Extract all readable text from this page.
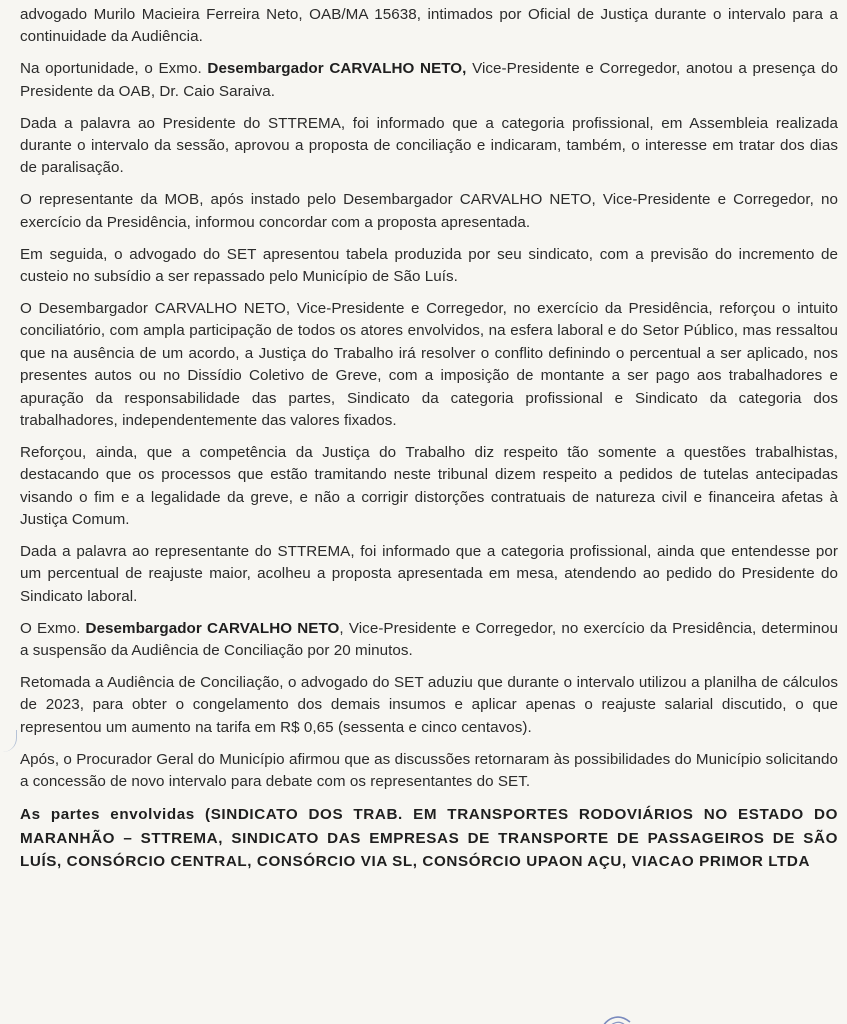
advogado Murilo Macieira Ferreira Neto, OAB/MA 15638, intimados por Oficial de Justiça durante o intervalo para a continuidade da Audiência.

Na oportunidade, o Exmo. Desembargador CARVALHO NETO, Vice-Presidente e Corregedor, anotou a presença do Presidente da OAB, Dr. Caio Saraiva.

Dada a palavra ao Presidente do STTREMA, foi informado que a categoria profissional, em Assembleia realizada durante o intervalo da sessão, aprovou a proposta de conciliação e indicaram, também, o interesse em tratar dos dias de paralisação.

O representante da MOB, após instado pelo Desembargador CARVALHO NETO, Vice-Presidente e Corregedor, no exercício da Presidência, informou concordar com a proposta apresentada.

Em seguida, o advogado do SET apresentou tabela produzida por seu sindicato, com a previsão do incremento de custeio no subsídio a ser repassado pelo Município de São Luís.

O Desembargador CARVALHO NETO, Vice-Presidente e Corregedor, no exercício da Presidência, reforçou o intuito conciliatório, com ampla participação de todos os atores envolvidos, na esfera laboral e do Setor Público, mas ressaltou que na ausência de um acordo, a Justiça do Trabalho irá resolver o conflito definindo o percentual a ser aplicado, nos presentes autos ou no Dissídio Coletivo de Greve, com a imposição de montante a ser pago aos trabalhadores e apuração da responsabilidade das partes, Sindicato da categoria profissional e Sindicato da categoria dos trabalhadores, independentemente das valores fixados.

Reforçou, ainda, que a competência da Justiça do Trabalho diz respeito tão somente a questões trabalhistas, destacando que os processos que estão tramitando neste tribunal dizem respeito a pedidos de tutelas antecipadas visando o fim e a legalidade da greve, e não a corrigir distorções contratuais de natureza civil e financeira afetas à Justiça Comum.

Dada a palavra ao representante do STTREMA, foi informado que a categoria profissional, ainda que entendesse por um percentual de reajuste maior, acolheu a proposta apresentada em mesa, atendendo ao pedido do Presidente do Sindicato laboral.

O Exmo. Desembargador CARVALHO NETO, Vice-Presidente e Corregedor, no exercício da Presidência, determinou a suspensão da Audiência de Conciliação por 20 minutos.

Retomada a Audiência de Conciliação, o advogado do SET aduziu que durante o intervalo utilizou a planilha de cálculos de 2023, para obter o congelamento dos demais insumos e aplicar apenas o reajuste salarial discutido, o que representou um aumento na tarifa em R$ 0,65 (sessenta e cinco centavos).

Após, o Procurador Geral do Município afirmou que as discussões retornaram às possibilidades do Município solicitando a concessão de novo intervalo para debate com os representantes do SET.

As partes envolvidas (SINDICATO DOS TRAB. EM TRANSPORTES RODOVIÁRIOS NO ESTADO DO MARANHÃO – STTREMA, SINDICATO DAS EMPRESAS DE TRANSPORTE DE PASSAGEIROS DE SÃO LUÍS, CONSÓRCIO CENTRAL, CONSÓRCIO VIA SL, CONSÓRCIO UPAON AÇU, VIACAO PRIMOR LTDA
